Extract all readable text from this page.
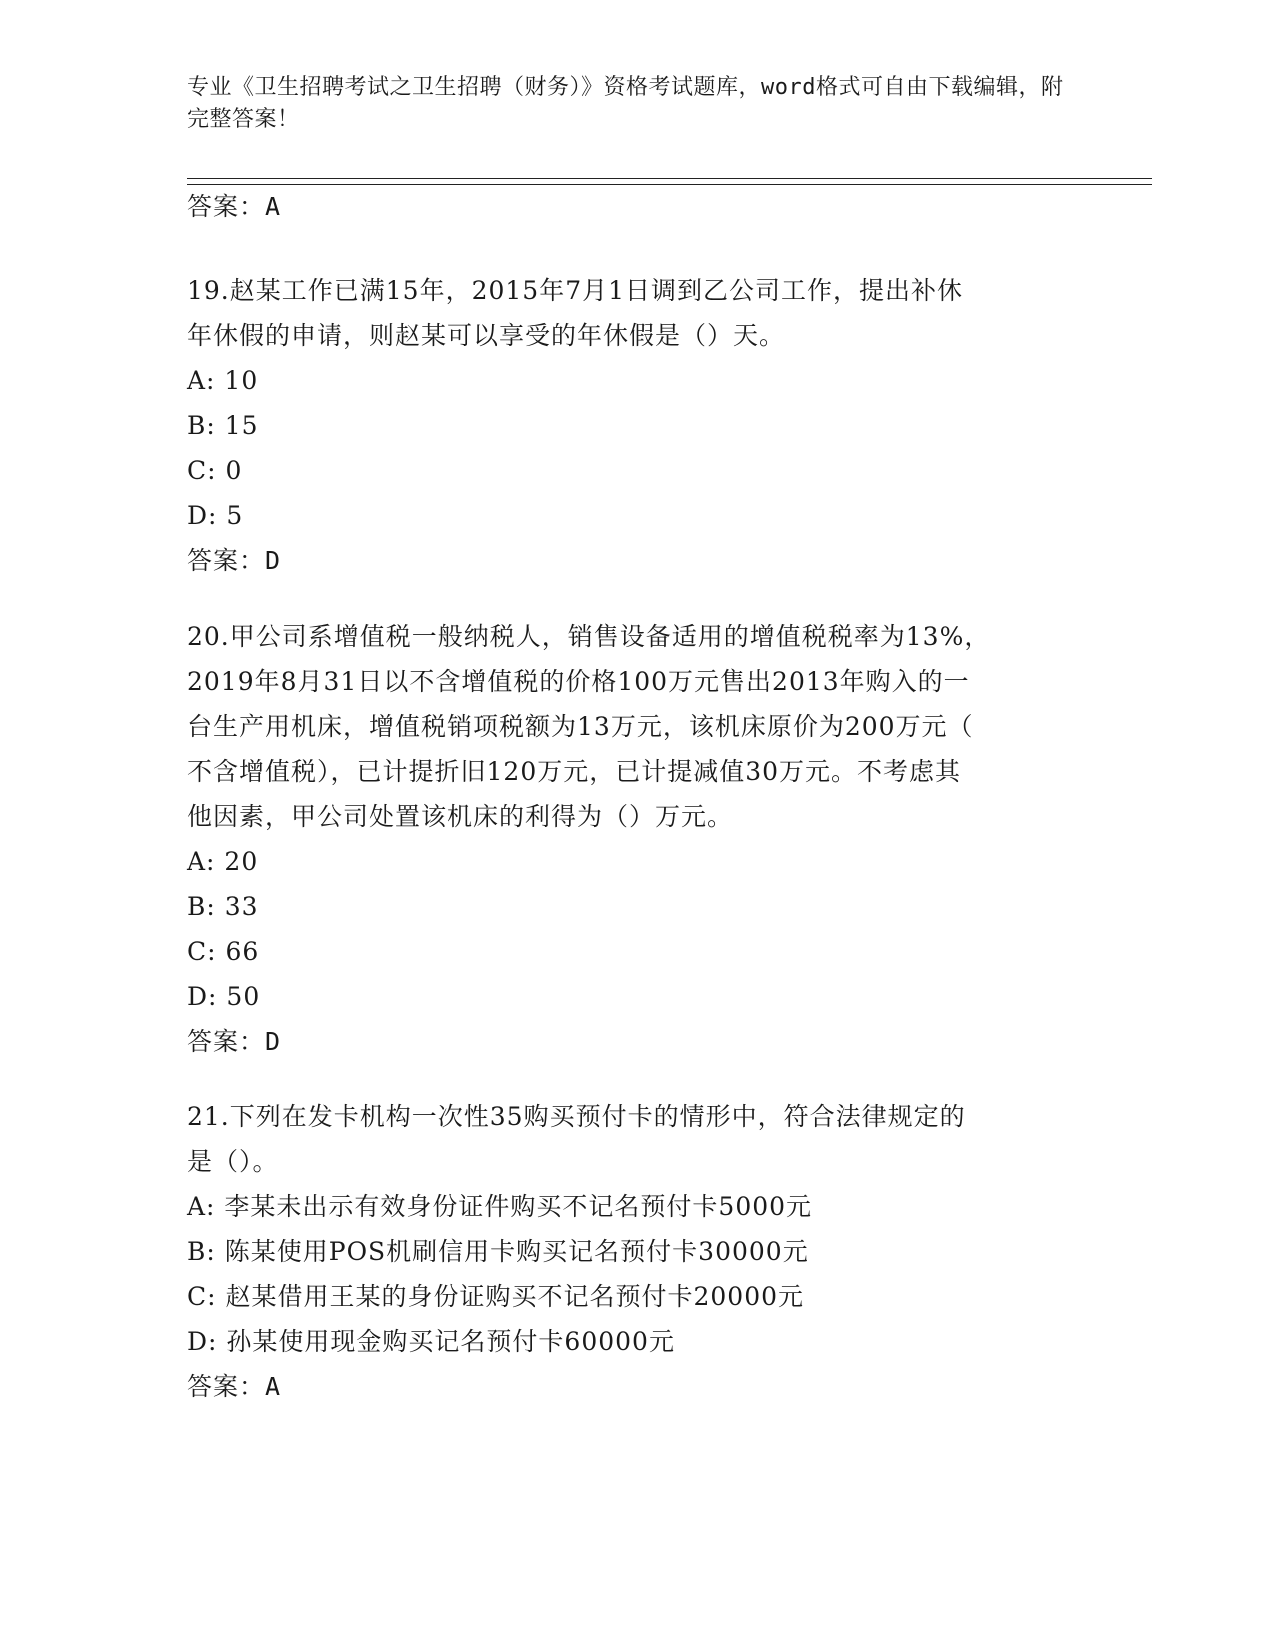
专业《卫生招聘考试之卫生招聘（财务）》资格考试题库，word格式可自由下载编辑，附完整答案！
答案：A
19.赵某工作已满15年，2015年7月1日调到乙公司工作，提出补休
年休假的申请，则赵某可以享受的年休假是（）天。
A: 10
B: 15
C: 0
D: 5
答案：D
20.甲公司系增值税一般纳税人，销售设备适用的增值税税率为13%，
2019年8月31日以不含增值税的价格100万元售出2013年购入的一
台生产用机床，增值税销项税额为13万元，该机床原价为200万元（
不含增值税），已计提折旧120万元，已计提减值30万元。不考虑其
他因素，甲公司处置该机床的利得为（）万元。
A: 20
B: 33
C: 66
D: 50
答案：D
21.下列在发卡机构一次性35购买预付卡的情形中，符合法律规定的
是（）。
A: 李某未出示有效身份证件购买不记名预付卡5000元
B: 陈某使用POS机刷信用卡购买记名预付卡30000元
C: 赵某借用王某的身份证购买不记名预付卡20000元
D: 孙某使用现金购买记名预付卡60000元
答案：A
